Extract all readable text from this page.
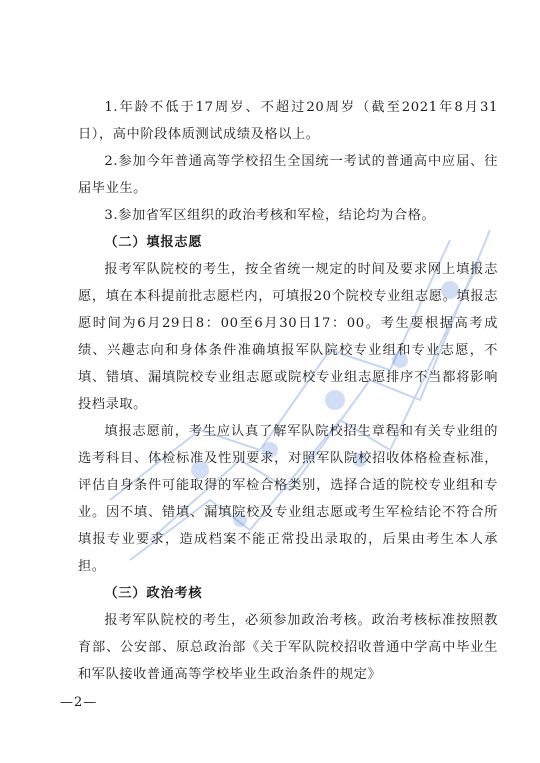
1.年龄不低于17周岁、不超过20周岁（截至2021年8月31日），高中阶段体质测试成绩及格以上。

2.参加今年普通高等学校招生全国统一考试的普通高中应届、往届毕业生。

3.参加省军区组织的政治考核和军检，结论均为合格。

（二）填报志愿

报考军队院校的考生，按全省统一规定的时间及要求网上填报志愿，填在本科提前批志愿栏内，可填报20个院校专业组志愿。填报志愿时间为6月29日8：00至6月30日17：00。考生要根据高考成绩、兴趣志向和身体条件准确填报军队院校专业组和专业志愿，不填、错填、漏填院校专业组志愿或院校专业组志愿排序不当都将影响投档录取。

填报志愿前，考生应认真了解军队院校招生章程和有关专业组的选考科目、体检标准及性别要求，对照军队院校招收体格检查标准，评估自身条件可能取得的军检合格类别，选择合适的院校专业组和专业。因不填、错填、漏填院校及专业组志愿或考生军检结论不符合所填报专业要求，造成档案不能正常投出录取的，后果由考生本人承担。

（三）政治考核

报考军队院校的考生，必须参加政治考核。政治考核标准按照教育部、公安部、原总政治部《关于军队院校招收普通中学高中毕业生和军队接收普通高等学校毕业生政治条件的规定》

—2—
